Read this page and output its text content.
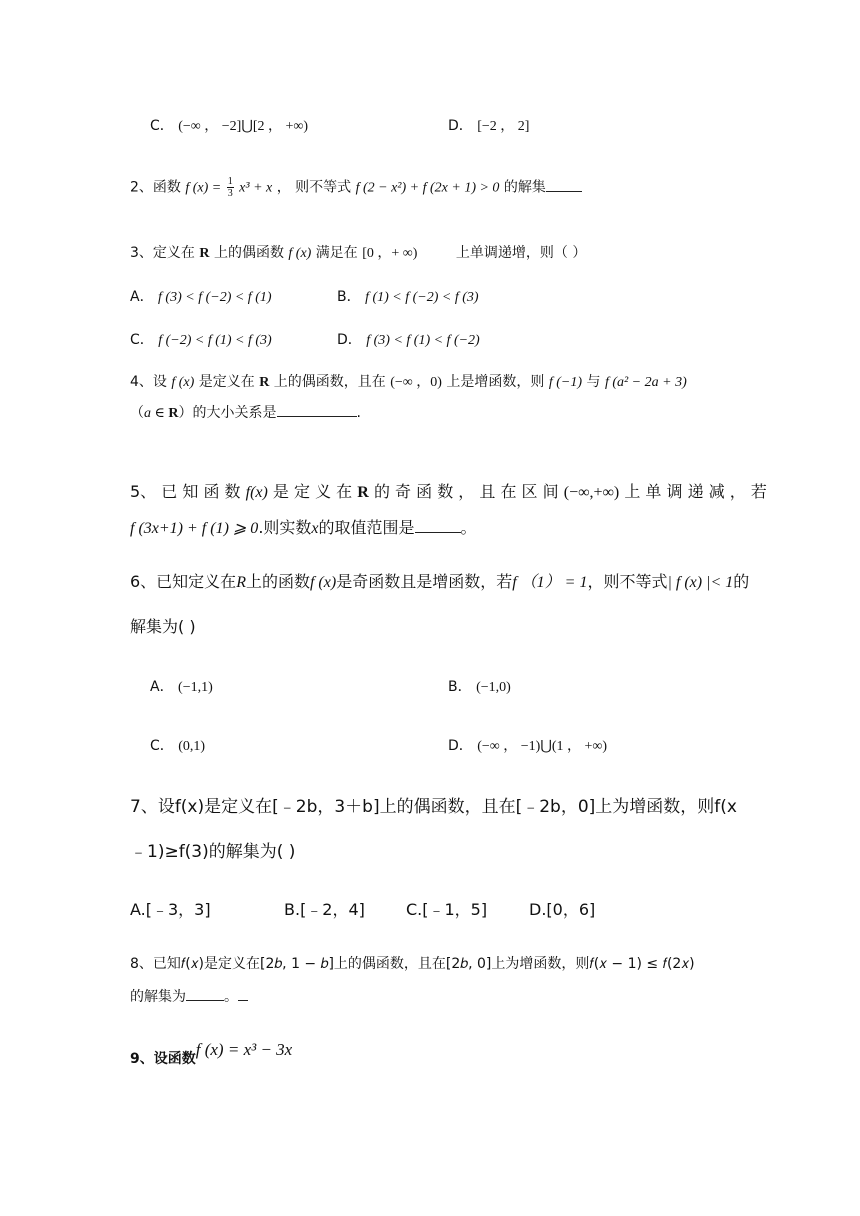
C． (−∞ ， −2]⋃[2 ， +∞)	D． [−2 ， 2]
2、函数 f $(x) = \frac{1}{3} x^3 + x$ ， 则不等式 f (2 − x²) + f (2x + 1) > 0 的解集
3、定义在 R 上的偶函数 f (x) 满足在 [0 ，+ ∞)	上单调递增，则（ ）
A． f (3) < f (−2) < f (1)	B． f (1) < f (−2) < f (3)
C． f (−2) < f (1) < f (3)	D． f (3) < f (1) < f (−2)
4、设 f (x) 是定义在 R 上的偶函数，且在 (−∞ ，0) 上是增函数，则 f (−1) 与 f (a² − 2a + 3)
（a ∈ R）的大小关系是	.
5、 已 知 函 数 f(x) 是 定 义 在 R 的 奇 函 数 ， 且 在 区 间 (−∞,+∞) 上 单 调 递 减 ， 若
f (3x+1) + f (1) ⩾ 0.则实数x的取值范围是	。
6、已知定义在R上的函数f (x)是奇函数且是增函数，若f （1） = 1，则不等式| f (x) |< 1的
解集为( )
A． (−1,1)	B． (−1,0)
C． (0,1)	D． (−∞ ， −1)⋃(1 ， +∞)
7、设f(x)是定义在[﹣2b，3＋b]上的偶函数，且在[﹣2b，0]上为增函数，则f(x
﹣1)≥f(3)的解集为( )
A.[﹣3，3]	B.[﹣2，4]	C.[﹣1，5]	D.[0，6]
8、已知𝑓(𝑥)是定义在[2𝑏, 1 − 𝑏]上的偶函数，且在[2𝑏, 0]上为增函数，则𝑓(𝑥 − 1) ≤ 𝑓(2𝑥)
的解集为	。
9、设函数f (x) = x³ − 3x
